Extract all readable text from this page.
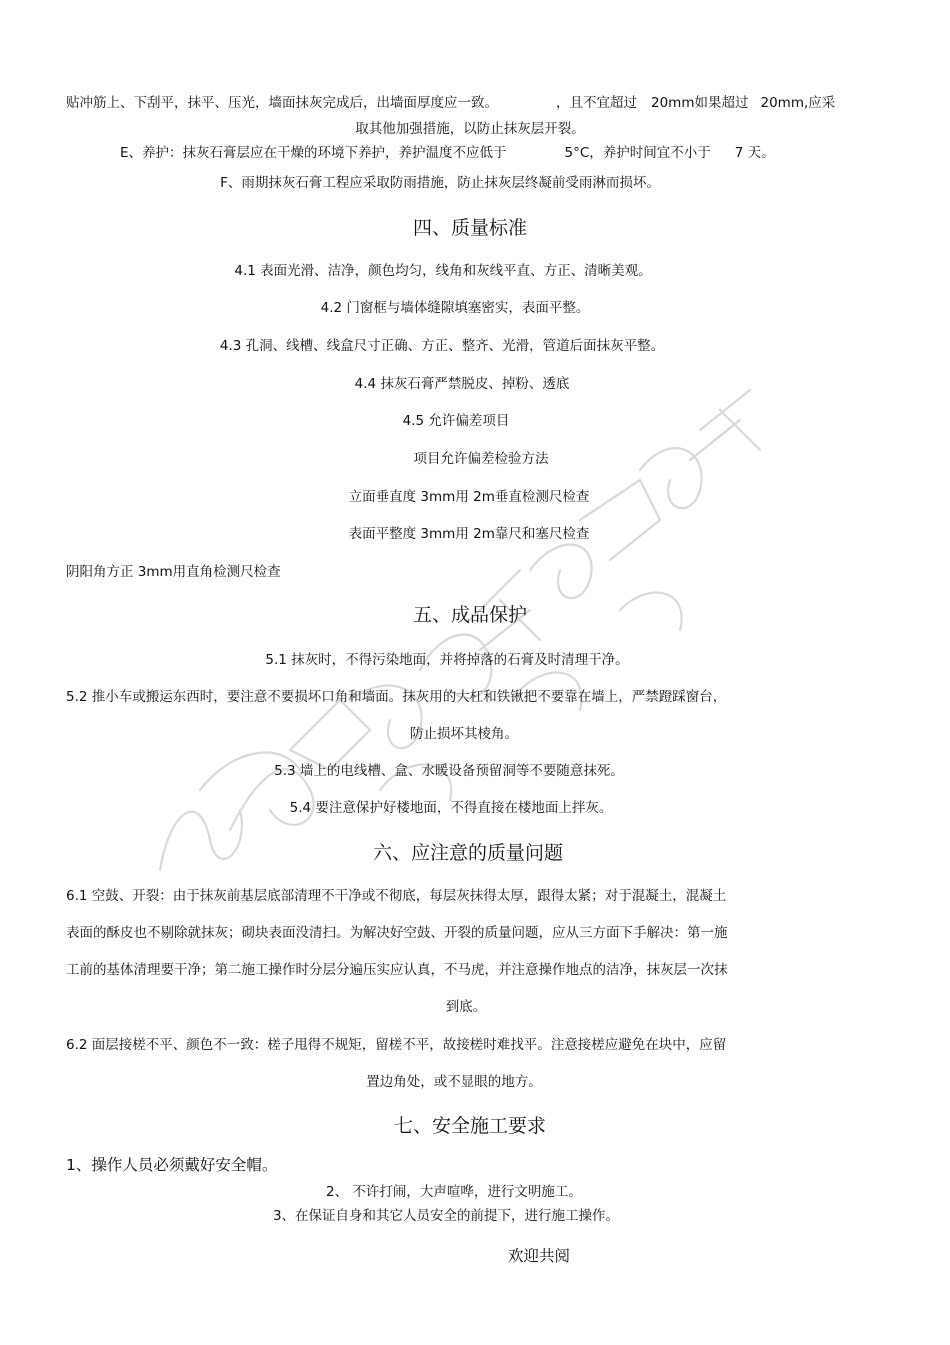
贴冲筋上、下刮平，抹平、压光，墙面抹灰完成后，出墙面厚度应一致。	，且不宜超过 20mm如果超过 20mm,应采
取其他加强措施，以防止抹灰层开裂。
E、养护：抹灰石膏层应在干燥的环境下养护，养护温度不应低于	5°C，养护时间宜不小于 7 天。
F、雨期抹灰石膏工程应采取防雨措施，防止抹灰层终凝前受雨淋而损坏。
四、质量标准
4.1 表面光滑、洁净，颜色均匀，线角和灰线平直、方正、清晰美观。
4.2 门窗框与墙体缝隙填塞密实，表面平整。
4.3 孔洞、线槽、线盒尺寸正确、方正、整齐、光滑，管道后面抹灰平整。
4.4 抹灰石膏严禁脱皮、掉粉、透底
4.5 允许偏差项目
项目允许偏差检验方法
立面垂直度 3mm用 2m垂直检测尺检查
表面平整度 3mm用 2m靠尺和塞尺检查
阴阳角方正 3mm用直角检测尺检查
五、成品保护
5.1 抹灰时，不得污染地面，并将掉落的石膏及时清理干净。
5.2 推小车或搬运东西时，要注意不要损坏口角和墙面。抹灰用的大杠和铁锹把不要靠在墙上，严禁蹬踩窗台，
防止损坏其棱角。
5.3 墙上的电线槽、盒、水暖设备预留洞等不要随意抹死。
5.4 要注意保护好楼地面，不得直接在楼地面上拌灰。
六、应注意的质量问题
6.1 空鼓、开裂：由于抹灰前基层底部清理不干净或不彻底，每层灰抹得太厚，跟得太紧；对于混凝土，混凝土
表面的酥皮也不剔除就抹灰；砌块表面没清扫。为解决好空鼓、开裂的质量问题，应从三方面下手解决：第一施
工前的基体清理要干净；第二施工操作时分层分遍压实应认真，不马虎，并注意操作地点的洁净，抹灰层一次抹
到底。
6.2 面层接槎不平、颜色不一致：槎子甩得不规矩，留槎不平，故接槎时难找平。注意接槎应避免在块中，应留
置边角处，或不显眼的地方。
七、安全施工要求
1、操作人员必须戴好安全帽。
2、 不许打闹，大声喧哗，进行文明施工。
3、在保证自身和其它人员安全的前提下，进行施工操作。
欢迎共阅
